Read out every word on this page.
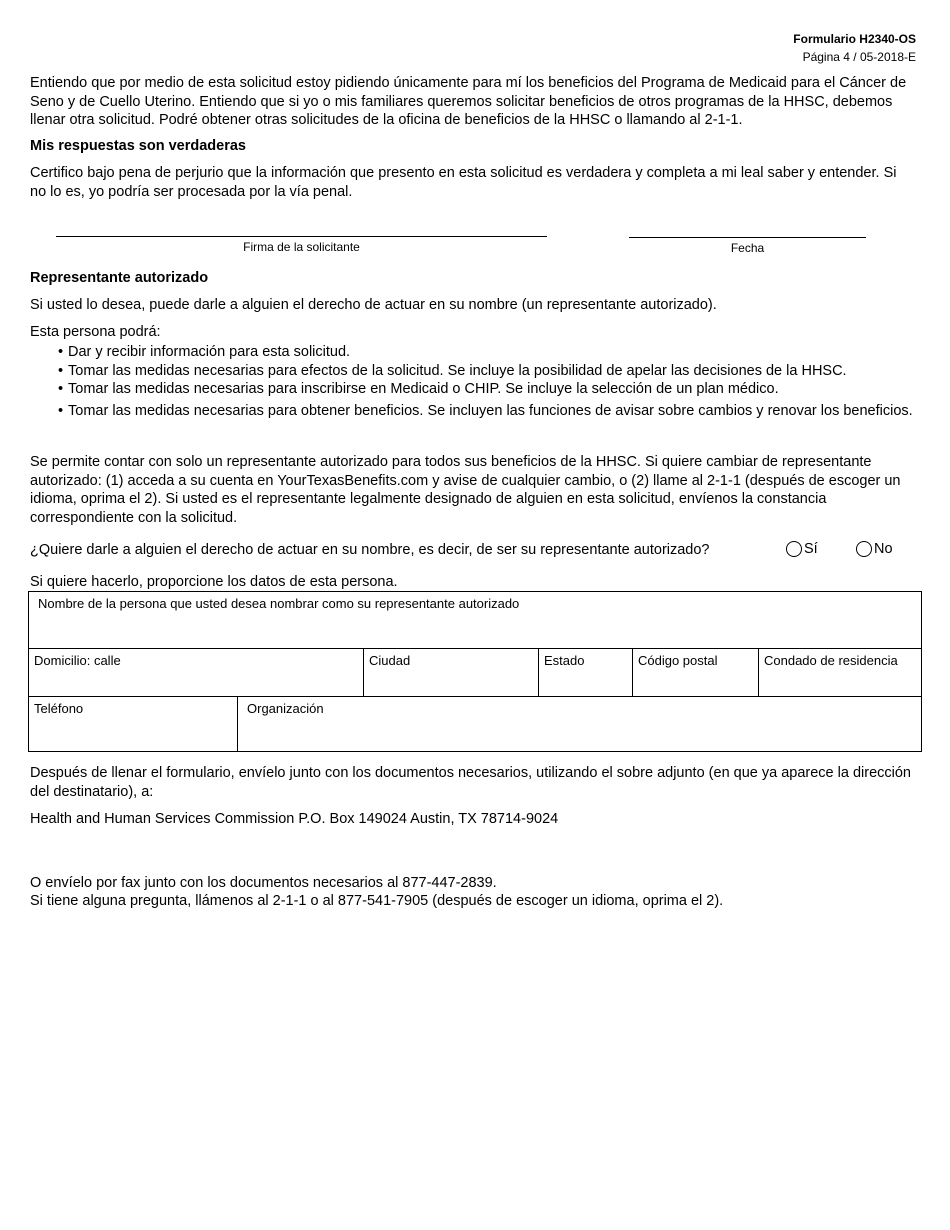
Formulario H2340-OS
Página 4 / 05-2018-E

Entiendo que por medio de esta solicitud estoy pidiendo únicamente para mí los beneficios del Programa de Medicaid para el Cáncer de Seno y de Cuello Uterino. Entiendo que si yo o mis familiares queremos solicitar beneficios de otros programas de la HHSC, debemos llenar otra solicitud. Podré obtener otras solicitudes de la oficina de beneficios de la HHSC o llamando al 2-1-1.

Mis respuestas son verdaderas

Certifico bajo pena de perjurio que la información que presento en esta solicitud es verdadera y completa a mi leal saber y entender. Si no lo es, yo podría ser procesada por la vía penal.

Firma de la solicitante	Fecha

Representante autorizado

Si usted lo desea, puede darle a alguien el derecho de actuar en su nombre (un representante autorizado).

Esta persona podrá:

• Dar y recibir información para esta solicitud.
• Tomar las medidas necesarias para efectos de la solicitud. Se incluye la posibilidad de apelar las decisiones de la HHSC.
• Tomar las medidas necesarias para inscribirse en Medicaid o CHIP. Se incluye la selección de un plan médico.
• Tomar las medidas necesarias para obtener beneficios. Se incluyen las funciones de avisar sobre cambios y renovar los beneficios.

Se permite contar con solo un representante autorizado para todos sus beneficios de la HHSC. Si quiere cambiar de representante autorizado: (1) acceda a su cuenta en YourTexasBenefits.com y avise de cualquier cambio, o (2) llame al 2-1-1 (después de escoger un idioma, oprima el 2). Si usted es el representante legalmente designado de alguien en esta solicitud, envíenos la constancia correspondiente con la solicitud.

¿Quiere darle a alguien el derecho de actuar en su nombre, es decir, de ser su representante autorizado?	Sí	No

Si quiere hacerlo, proporcione los datos de esta persona.

Nombre de la persona que usted desea nombrar como su representante autorizado
Domicilio: calle	Ciudad	Estado	Código postal	Condado de residencia
Teléfono	Organización

Después de llenar el formulario, envíelo junto con los documentos necesarios, utilizando el sobre adjunto (en que ya aparece la dirección del destinatario), a:

Health and Human Services Commission P.O. Box 149024 Austin, TX 78714-9024

O envíelo por fax junto con los documentos necesarios al 877-447-2839.

Si tiene alguna pregunta, llámenos al 2-1-1 o al 877-541-7905 (después de escoger un idioma, oprima el 2).
